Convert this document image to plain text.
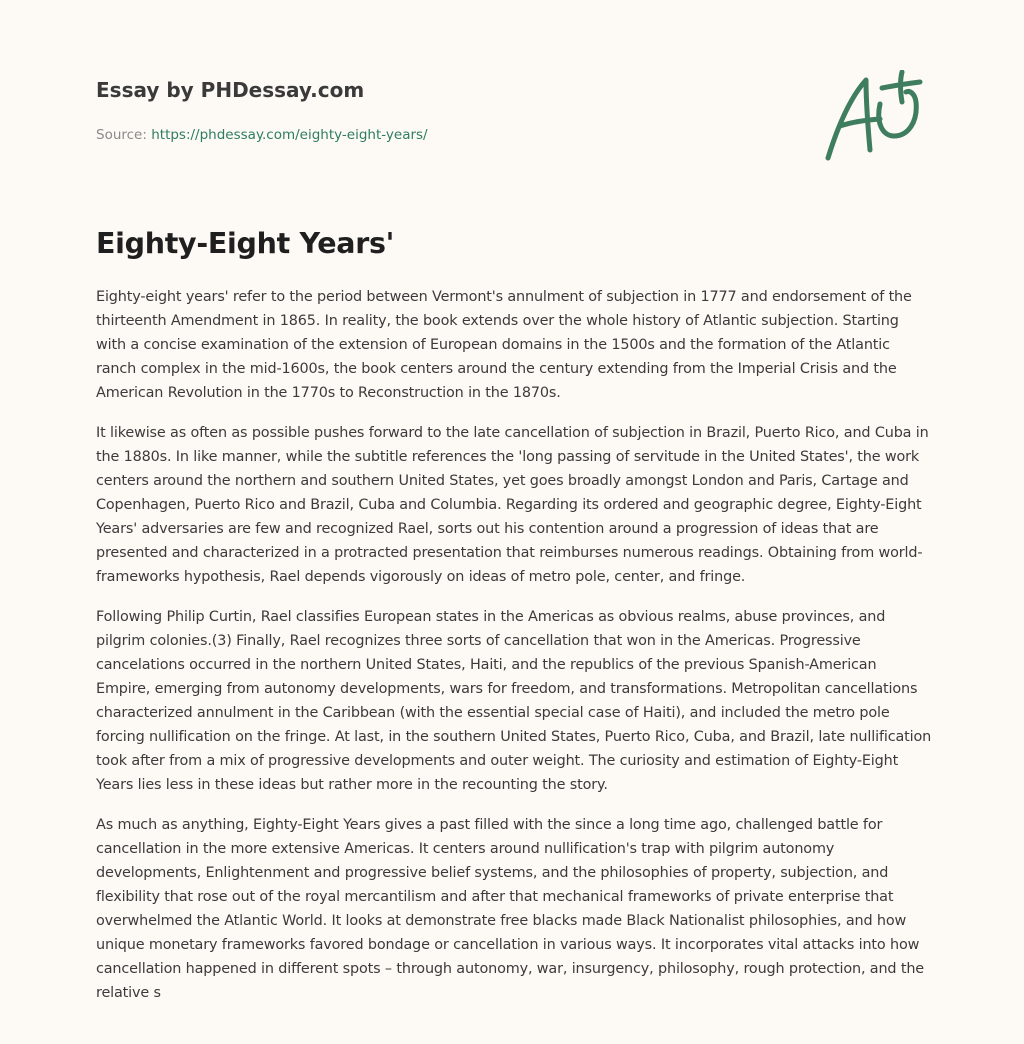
Essay by PHDessay.com

Source: https://phdessay.com/eighty-eight-years/
Eighty-Eight Years'

Eighty-eight years' refer to the period between Vermont's annulment of subjection in 1777 and endorsement of the thirteenth Amendment in 1865. In reality, the book extends over the whole history of Atlantic subjection. Starting with a concise examination of the extension of European domains in the 1500s and the formation of the Atlantic ranch complex in the mid-1600s, the book centers around the century extending from the Imperial Crisis and the American Revolution in the 1770s to Reconstruction in the 1870s.

It likewise as often as possible pushes forward to the late cancellation of subjection in Brazil, Puerto Rico, and Cuba in the 1880s. In like manner, while the subtitle references the 'long passing of servitude in the United States', the work centers around the northern and southern United States, yet goes broadly amongst London and Paris, Cartage and Copenhagen, Puerto Rico and Brazil, Cuba and Columbia. Regarding its ordered and geographic degree, Eighty-Eight Years' adversaries are few and recognized Rael, sorts out his contention around a progression of ideas that are presented and characterized in a protracted presentation that reimburses numerous readings. Obtaining from world-frameworks hypothesis, Rael depends vigorously on ideas of metro pole, center, and fringe.

Following Philip Curtin, Rael classifies European states in the Americas as obvious realms, abuse provinces, and pilgrim colonies.(3) Finally, Rael recognizes three sorts of cancellation that won in the Americas. Progressive cancelations occurred in the northern United States, Haiti, and the republics of the previous Spanish-American Empire, emerging from autonomy developments, wars for freedom, and transformations. Metropolitan cancellations characterized annulment in the Caribbean (with the essential special case of Haiti), and included the metro pole forcing nullification on the fringe. At last, in the southern United States, Puerto Rico, Cuba, and Brazil, late nullification took after from a mix of progressive developments and outer weight. The curiosity and estimation of Eighty-Eight Years lies less in these ideas but rather more in the recounting the story.

As much as anything, Eighty-Eight Years gives a past filled with the since a long time ago, challenged battle for cancellation in the more extensive Americas. It centers around nullification's trap with pilgrim autonomy developments, Enlightenment and progressive belief systems, and the philosophies of property, subjection, and flexibility that rose out of the royal mercantilism and after that mechanical frameworks of private enterprise that overwhelmed the Atlantic World. It looks at demonstrate free blacks made Black Nationalist philosophies, and how unique monetary frameworks favored bondage or cancellation in various ways. It incorporates vital attacks into how cancellation happened in different spots – through autonomy, war, insurgency, philosophy, rough protection, and the relative s
